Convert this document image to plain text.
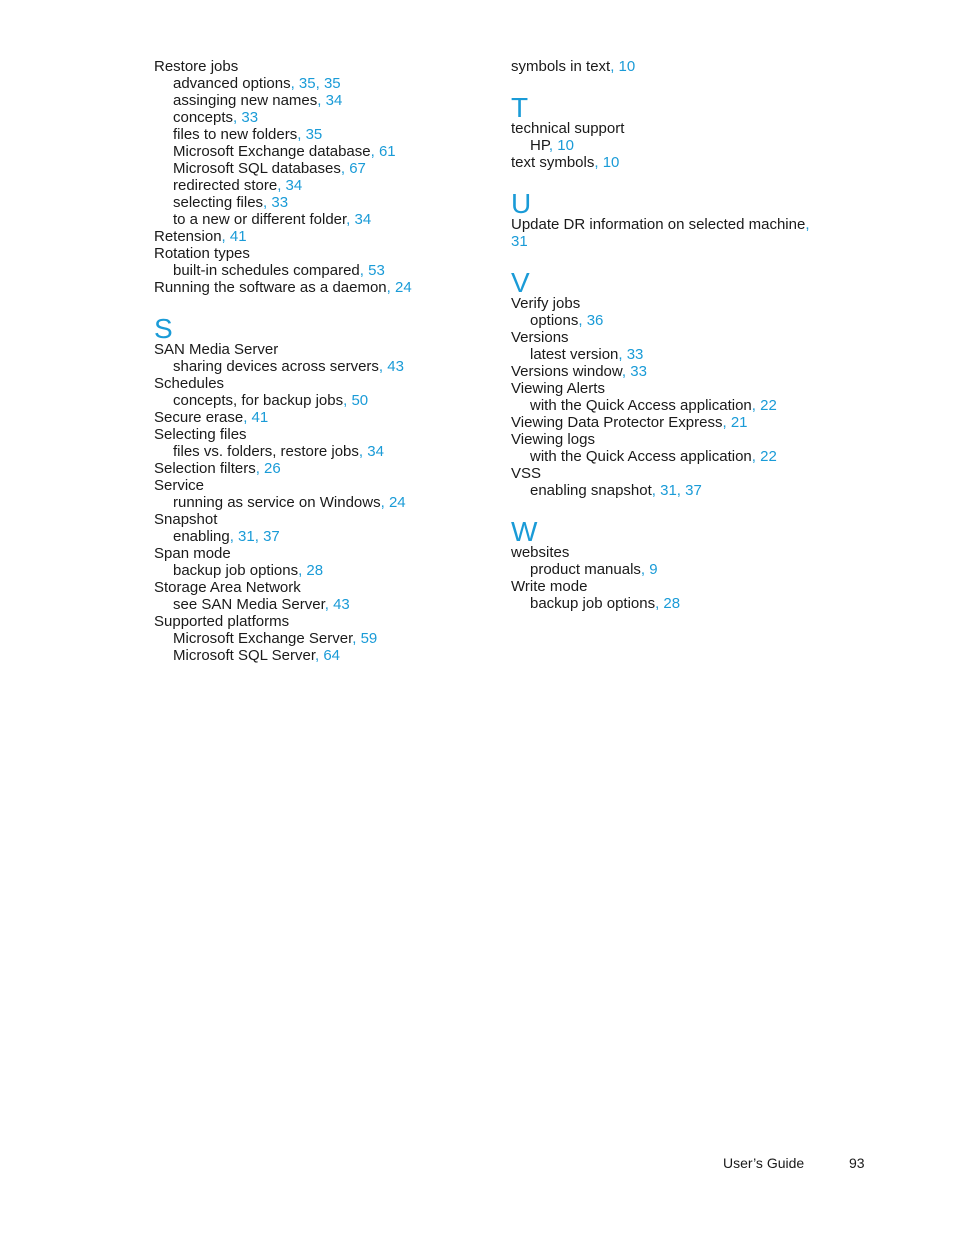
Restore jobs
advanced options, 35, 35
assinging new names, 34
concepts, 33
files to new folders, 35
Microsoft Exchange database, 61
Microsoft SQL databases, 67
redirected store, 34
selecting files, 33
to a new or different folder, 34
Retension, 41
Rotation types
built-in schedules compared, 53
Running the software as a daemon, 24
S
SAN Media Server
sharing devices across servers, 43
Schedules
concepts, for backup jobs, 50
Secure erase, 41
Selecting files
files vs. folders, restore jobs, 34
Selection filters, 26
Service
running as service on Windows, 24
Snapshot
enabling, 31, 37
Span mode
backup job options, 28
Storage Area Network
see SAN Media Server, 43
Supported platforms
Microsoft Exchange Server, 59
Microsoft SQL Server, 64
symbols in text, 10
T
technical support
HP, 10
text symbols, 10
U
Update DR information on selected machine,
31
V
Verify jobs
options, 36
Versions
latest version, 33
Versions window, 33
Viewing Alerts
with the Quick Access application, 22
Viewing Data Protector Express, 21
Viewing logs
with the Quick Access application, 22
VSS
enabling snapshot, 31, 37
W
websites
product manuals, 9
Write mode
backup job options, 28
User’s Guide	93
